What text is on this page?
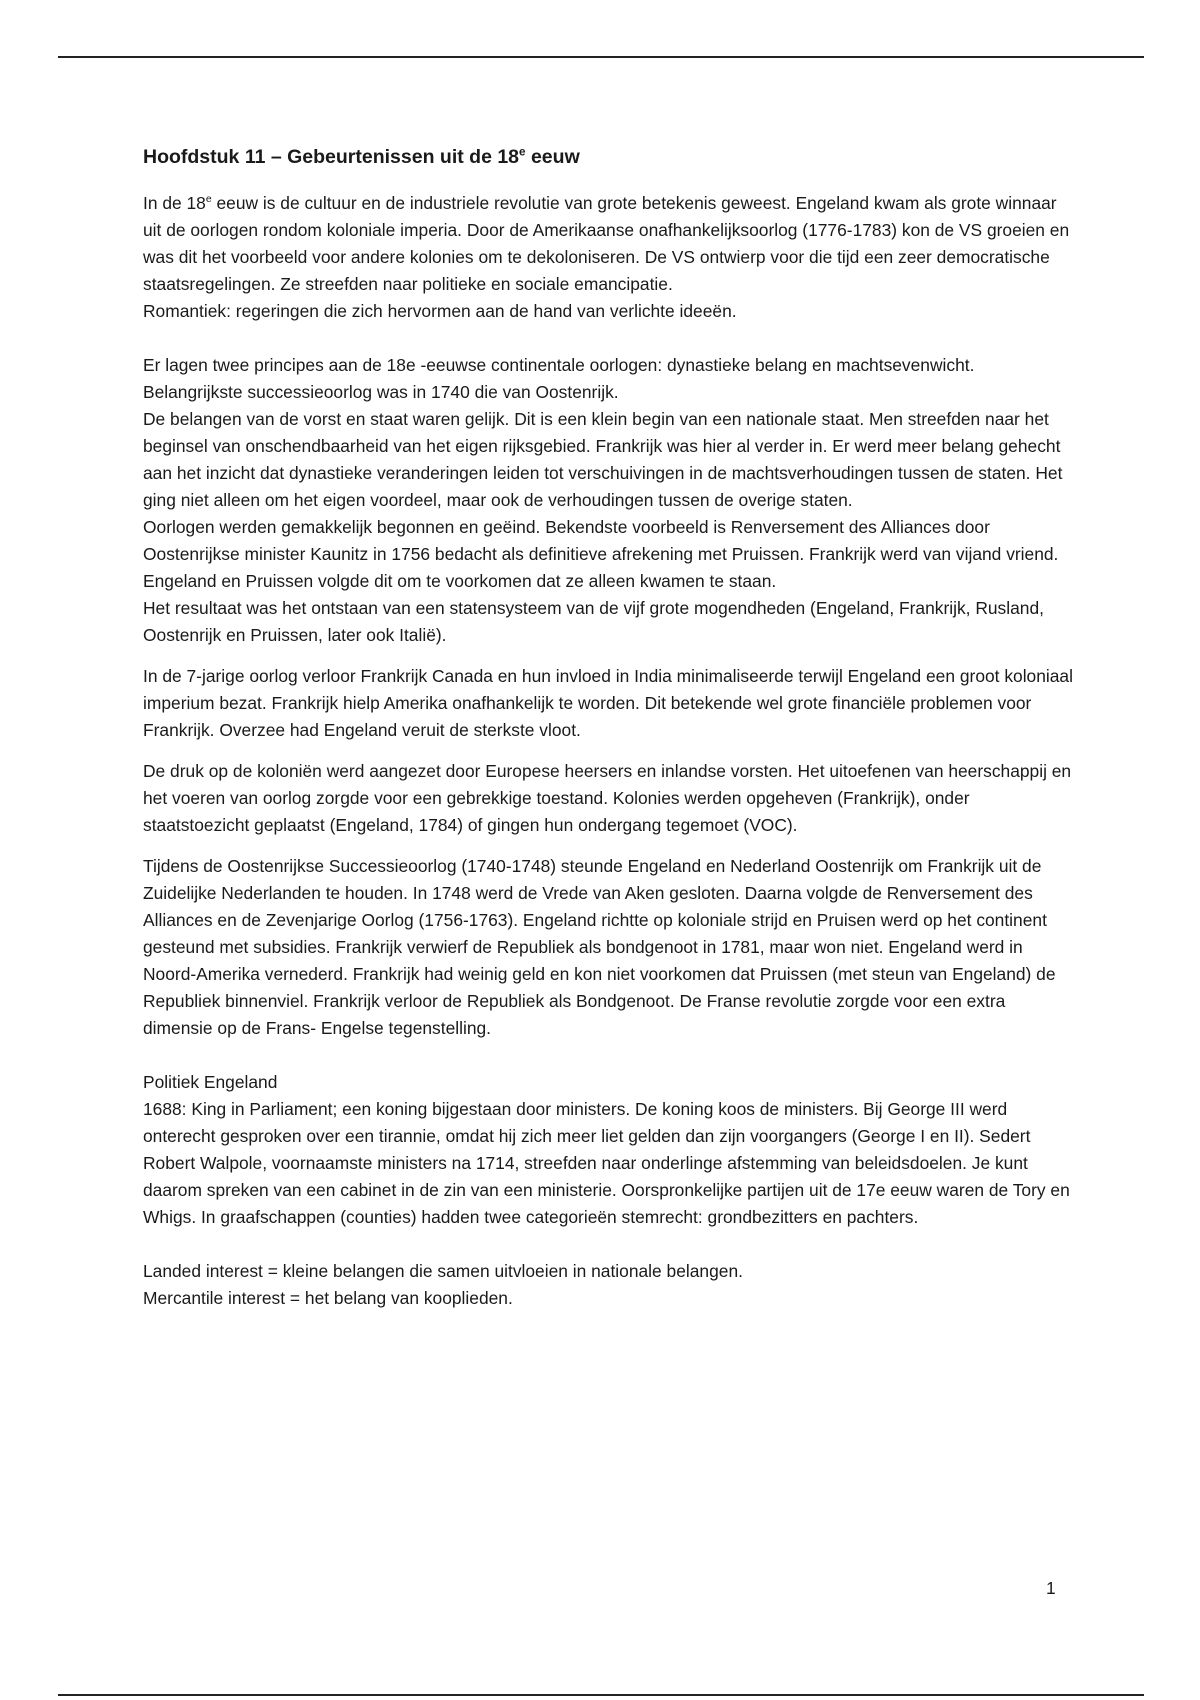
Hoofdstuk 11 – Gebeurtenissen uit de 18e eeuw

In de 18e eeuw is de cultuur en de industriele revolutie van grote betekenis geweest. Engeland kwam als grote winnaar uit de oorlogen rondom koloniale imperia. Door de Amerikaanse onafhankelijksoorlog (1776-1783) kon de VS groeien en was dit het voorbeeld voor andere kolonies om te dekoloniseren. De VS ontwierp voor die tijd een zeer democratische staatsregelingen. Ze streefden naar politieke en sociale emancipatie.

Romantiek: regeringen die zich hervormen aan de hand van verlichte ideeën.

Er lagen twee principes aan de 18e -eeuwse continentale oorlogen: dynastieke belang en machtsevenwicht. Belangrijkste successieoorlog was in 1740 die van Oostenrijk.

De belangen van de vorst en staat waren gelijk. Dit is een klein begin van een nationale staat. Men streefden naar het beginsel van onschendbaarheid van het eigen rijksgebied. Frankrijk was hier al verder in. Er werd meer belang gehecht aan het inzicht dat dynastieke veranderingen leiden tot verschuivingen in de machtsverhoudingen tussen de staten. Het ging niet alleen om het eigen voordeel, maar ook de verhoudingen tussen de overige staten.

Oorlogen werden gemakkelijk begonnen en geëind. Bekendste voorbeeld is Renversement des Alliances door Oostenrijkse minister Kaunitz in 1756 bedacht als definitieve afrekening met Pruissen. Frankrijk werd van vijand vriend. Engeland en Pruissen volgde dit om te voorkomen dat ze alleen kwamen te staan.

Het resultaat was het ontstaan van een statensysteem van de vijf grote mogendheden (Engeland, Frankrijk, Rusland, Oostenrijk en Pruissen, later ook Italië).

In de 7-jarige oorlog verloor Frankrijk Canada en hun invloed in India minimaliseerde terwijl Engeland een groot koloniaal imperium bezat. Frankrijk hielp Amerika onafhankelijk te worden. Dit betekende wel grote financiële problemen voor Frankrijk. Overzee had Engeland veruit de sterkste vloot.

De druk op de koloniën werd aangezet door Europese heersers en inlandse vorsten. Het uitoefenen van heerschappij en het voeren van oorlog zorgde voor een gebrekkige toestand. Kolonies werden opgeheven (Frankrijk), onder staatstoezicht geplaatst (Engeland, 1784) of gingen hun ondergang tegemoet (VOC).

Tijdens de Oostenrijkse Successieoorlog (1740-1748) steunde Engeland en Nederland Oostenrijk om Frankrijk uit de Zuidelijke Nederlanden te houden. In 1748 werd de Vrede van Aken gesloten. Daarna volgde de Renversement des Alliances en de Zevenjarige Oorlog (1756-1763). Engeland richtte op koloniale strijd en Pruisen werd op het continent gesteund met subsidies. Frankrijk verwierf de Republiek als bondgenoot in 1781, maar won niet. Engeland werd in Noord-Amerika vernederd. Frankrijk had weinig geld en kon niet voorkomen dat Pruissen (met steun van Engeland) de Republiek binnenviel. Frankrijk verloor de Republiek als Bondgenoot. De Franse revolutie zorgde voor een extra dimensie op de Frans- Engelse tegenstelling.

Politiek Engeland

1688: King in Parliament; een koning bijgestaan door ministers. De koning koos de ministers. Bij George III werd onterecht gesproken over een tirannie, omdat hij zich meer liet gelden dan zijn voorgangers (George I en II). Sedert Robert Walpole, voornaamste ministers na 1714, streefden naar onderlinge afstemming van beleidsdoelen. Je kunt daarom spreken van een cabinet in de zin van een ministerie. Oorspronkelijke partijen uit de 17e eeuw waren de Tory en Whigs. In graafschappen (counties) hadden twee categorieën stemrecht: grondbezitters en pachters.

Landed interest = kleine belangen die samen uitvloeien in nationale belangen.

Mercantile interest = het belang van kooplieden.

1
